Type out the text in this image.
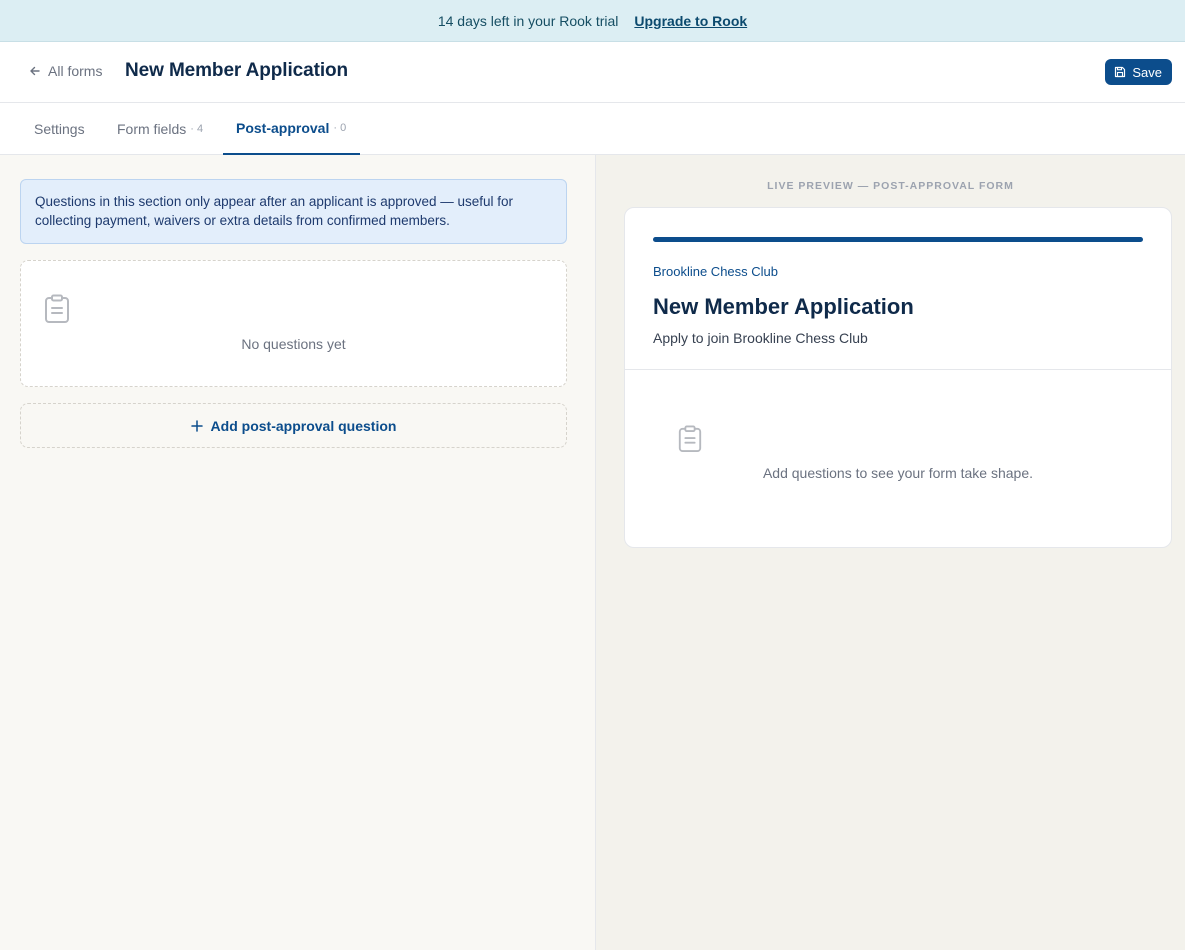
14 days left in your Rook trial Upgrade to Rook
All forms New Member Application	Save
Settings Form fields · 4 Post-approval · 0
Questions in this section only appear after an applicant is approved — useful for collecting payment, waivers or extra details from confirmed members.
No questions yet
Add post-approval question
LIVE PREVIEW — POST-APPROVAL FORM
Brookline Chess Club
New Member Application
Apply to join Brookline Chess Club
Add questions to see your form take shape.
